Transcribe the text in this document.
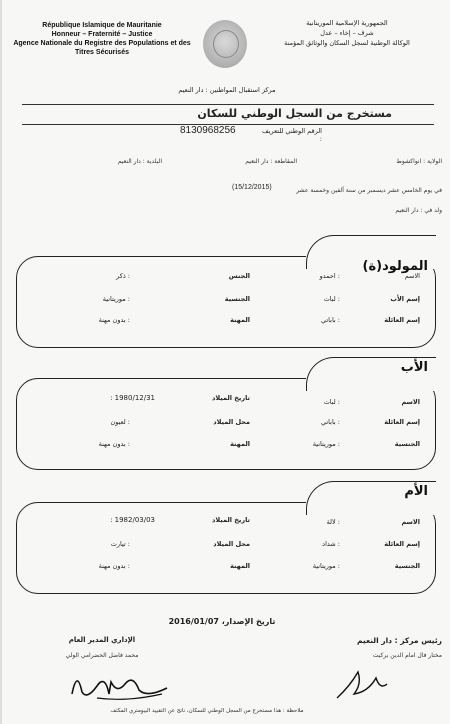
République Islamique de Mauritanie
Honneur – Fraternité – Justice
Agence Nationale du Registre des Populations et des
Titres Sécurisés
الجمهورية الإسلامية الموريتانية
شرف – إخاء – عدل
الوكالة الوطنية لسجل السكان والوثائق المؤمنة
مركز استقبال المواطنين : دار النعيم
مستخرج من السجل الوطني للسكان
الرقم الوطني للتعريف :
8130968256
الولاية : انواكشوط
المقاطعة : دار النعيم
البلدية : دار النعيم
في يوم الخامس عشر ديسمبر من سنة ألفين وخمسة عشر
(15/12/2015)
ولد في : دار النعيم
المولود(ة)
الاسم
: احمدو
الجنس
: ذكر
إسم الأب
: لبات
الجنسية
: موريتانية
إسم العائلة
: باباتي
المهنة
: بدون مهنة
الأب
الاسم
: لبات
تاريخ الميلاد
: 1980/12/31
إسم العائلة
: باباتي
محل الميلاد
: لعيون
الجنسية
: موريتانية
المهنة
: بدون مهنة
الأم
الاسم
: لالة
تاريخ الميلاد
: 1982/03/03
إسم العائلة
: شداد
محل الميلاد
: تيارت
الجنسية
: موريتانية
المهنة
: بدون مهنة
تاريخ الإصدار، 2016/01/07
رئيس مركز : دار النعيم
مختار فال امام الدين بركيت
الإداري المدير العام
محمد فاضل الحضرامي الولي
ملاحظة : هذا مستخرج من السجل الوطني للسكان، ناتج عن التقييد البيومتري المكثف
